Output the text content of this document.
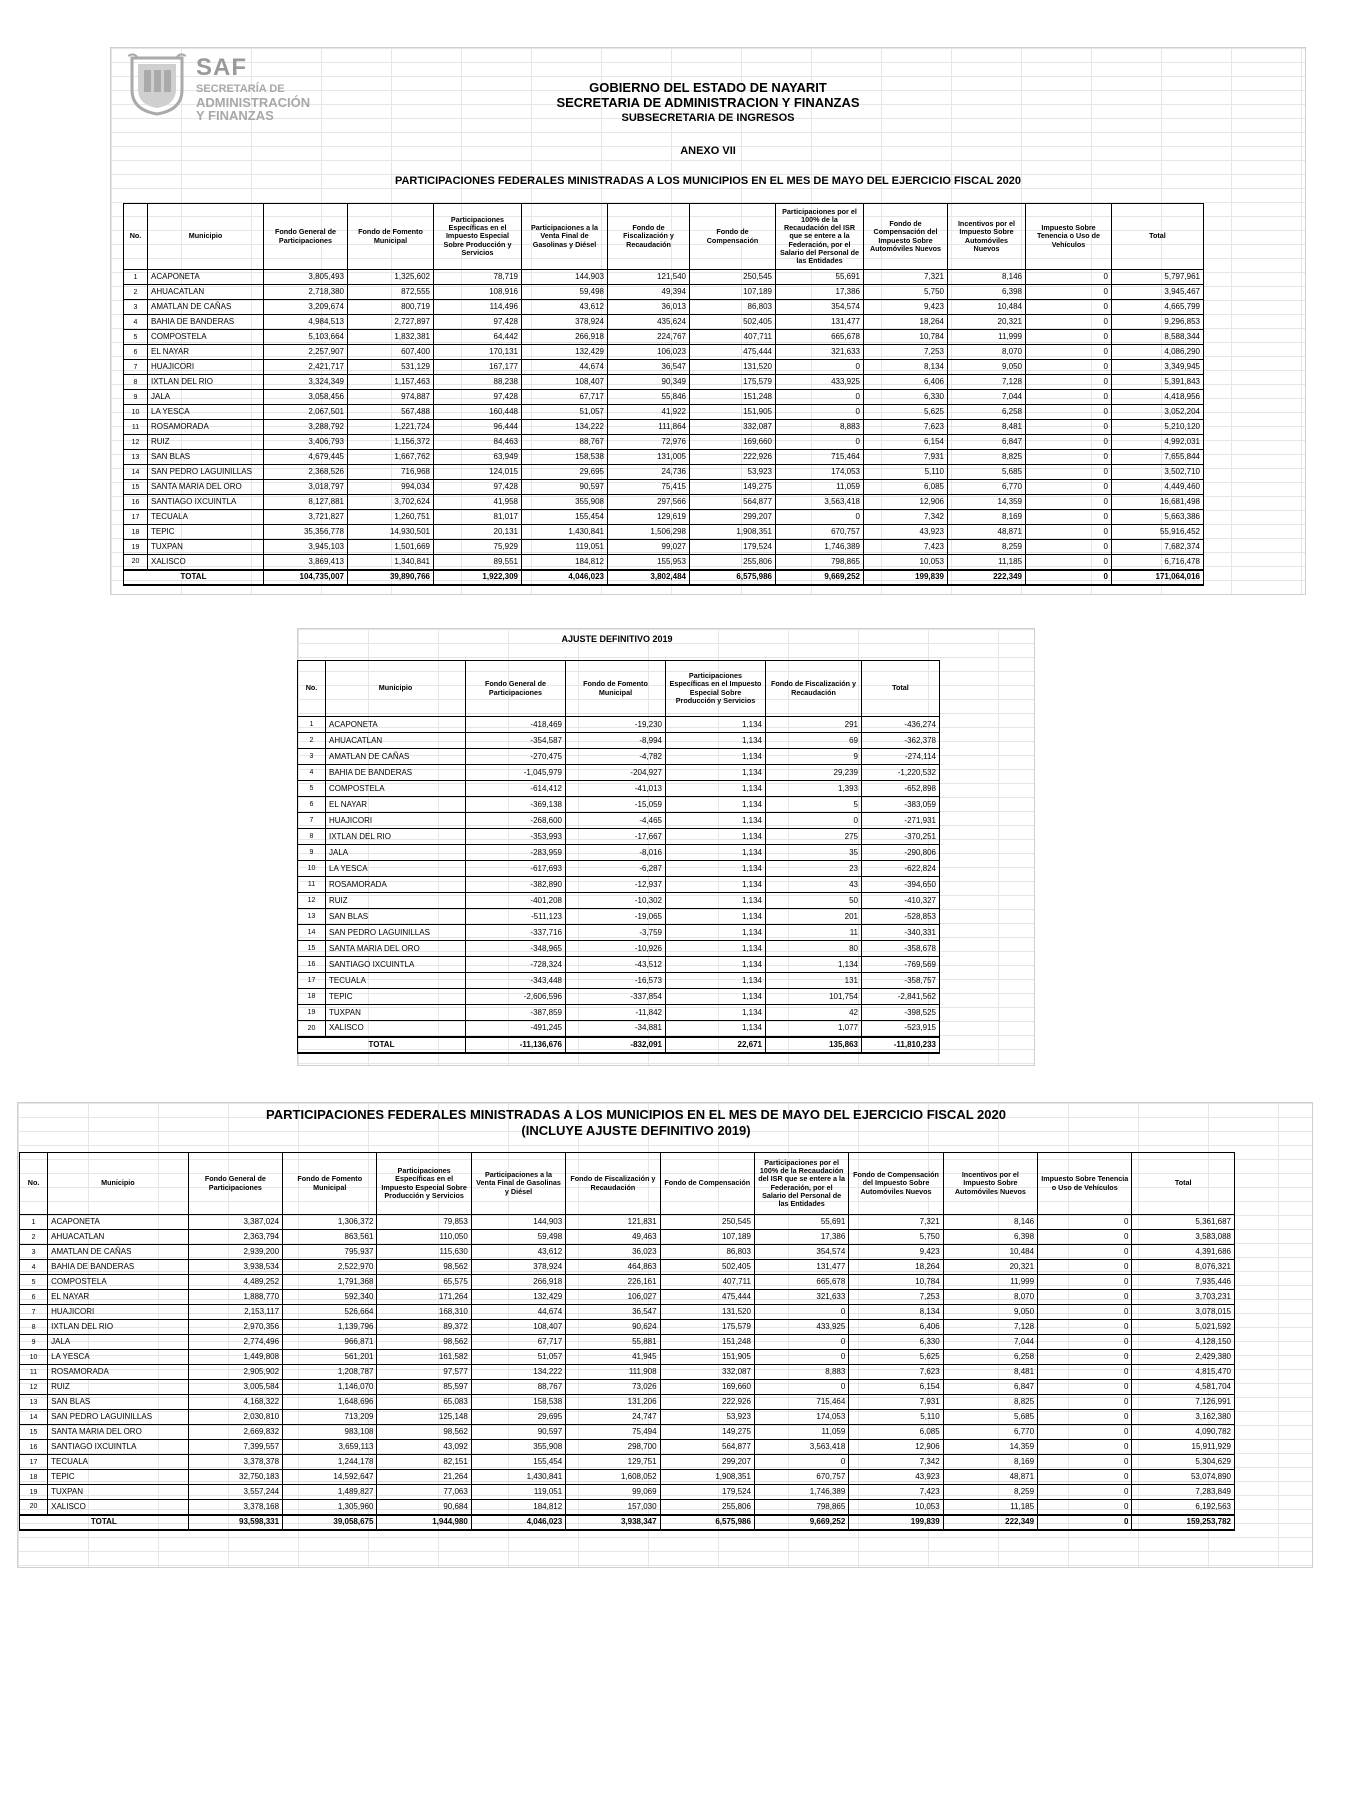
SAF
SECRETARÍA DE
ADMINISTRACIÓN
Y FINANZAS
GOBIERNO DEL ESTADO DE NAYARIT
SECRETARIA DE ADMINISTRACION Y FINANZAS
SUBSECRETARIA DE INGRESOS
ANEXO VII
PARTICIPACIONES FEDERALES MINISTRADAS A LOS MUNICIPIOS EN EL MES DE MAYO DEL EJERCICIO FISCAL 2020
No.	Municipio	Fondo General de Participaciones	Fondo de Fomento Municipal	Participaciones Específicas en el Impuesto Especial Sobre Producción y Servicios	Participaciones a la Venta Final de Gasolinas y Diésel	Fondo de Fiscalización y Recaudación	Fondo de Compensación	Participaciones por el 100% de la Recaudación del ISR que se entere a la Federación, por el Salario del Personal de las Entidades	Fondo de Compensación del Impuesto Sobre Automóviles Nuevos	Incentivos por el Impuesto Sobre Automóviles Nuevos	Impuesto Sobre Tenencia o Uso de Vehículos	Total
1	ACAPONETA	3,805,493	1,325,602	78,719	144,903	121,540	250,545	55,691	7,321	8,146	0	5,797,961
2	AHUACATLAN	2,718,380	872,555	108,916	59,498	49,394	107,189	17,386	5,750	6,398	0	3,945,467
3	AMATLAN DE CAÑAS	3,209,674	800,719	114,496	43,612	36,013	86,803	354,574	9,423	10,484	0	4,665,799
4	BAHIA DE BANDERAS	4,984,513	2,727,897	97,428	378,924	435,624	502,405	131,477	18,264	20,321	0	9,296,853
5	COMPOSTELA	5,103,664	1,832,381	64,442	266,918	224,767	407,711	665,678	10,784	11,999	0	8,588,344
6	EL NAYAR	2,257,907	607,400	170,131	132,429	106,023	475,444	321,633	7,253	8,070	0	4,086,290
7	HUAJICORI	2,421,717	531,129	167,177	44,674	36,547	131,520	0	8,134	9,050	0	3,349,945
8	IXTLAN DEL RIO	3,324,349	1,157,463	88,238	108,407	90,349	175,579	433,925	6,406	7,128	0	5,391,843
9	JALA	3,058,456	974,887	97,428	67,717	55,846	151,248	0	6,330	7,044	0	4,418,956
10	LA YESCA	2,067,501	567,488	160,448	51,057	41,922	151,905	0	5,625	6,258	0	3,052,204
11	ROSAMORADA	3,288,792	1,221,724	96,444	134,222	111,864	332,087	8,883	7,623	8,481	0	5,210,120
12	RUIZ	3,406,793	1,156,372	84,463	88,767	72,976	169,660	0	6,154	6,847	0	4,992,031
13	SAN BLAS	4,679,445	1,667,762	63,949	158,538	131,005	222,926	715,464	7,931	8,825	0	7,655,844
14	SAN PEDRO LAGUINILLAS	2,368,526	716,968	124,015	29,695	24,736	53,923	174,053	5,110	5,685	0	3,502,710
15	SANTA MARIA DEL ORO	3,018,797	994,034	97,428	90,597	75,415	149,275	11,059	6,085	6,770	0	4,449,460
16	SANTIAGO IXCUINTLA	8,127,881	3,702,624	41,958	355,908	297,566	564,877	3,563,418	12,906	14,359	0	16,681,498
17	TECUALA	3,721,827	1,260,751	81,017	155,454	129,619	299,207	0	7,342	8,169	0	5,663,386
18	TEPIC	35,356,778	14,930,501	20,131	1,430,841	1,506,298	1,908,351	670,757	43,923	48,871	0	55,916,452
19	TUXPAN	3,945,103	1,501,669	75,929	119,051	99,027	179,524	1,746,389	7,423	8,259	0	7,682,374
20	XALISCO	3,869,413	1,340,841	89,551	184,812	155,953	255,806	798,865	10,053	11,185	0	6,716,478
TOTAL		104,735,007	39,890,766	1,922,309	4,046,023	3,802,484	6,575,986	9,669,252	199,839	222,349	0	171,064,016
AJUSTE DEFINITIVO 2019
No.	Municipio	Fondo General de Participaciones	Fondo de Fomento Municipal	Participaciones Específicas en el Impuesto Especial Sobre Producción y Servicios	Fondo de Fiscalización y Recaudación	Total
1	ACAPONETA	-418,469	-19,230	1,134	291	-436,274
2	AHUACATLAN	-354,587	-8,994	1,134	69	-362,378
3	AMATLAN DE CAÑAS	-270,475	-4,782	1,134	9	-274,114
4	BAHIA DE BANDERAS	-1,045,979	-204,927	1,134	29,239	-1,220,532
5	COMPOSTELA	-614,412	-41,013	1,134	1,393	-652,898
6	EL NAYAR	-369,138	-15,059	1,134	5	-383,059
7	HUAJICORI	-268,600	-4,465	1,134	0	-271,931
8	IXTLAN DEL RIO	-353,993	-17,667	1,134	275	-370,251
9	JALA	-283,959	-8,016	1,134	35	-290,806
10	LA YESCA	-617,693	-6,287	1,134	23	-622,824
11	ROSAMORADA	-382,890	-12,937	1,134	43	-394,650
12	RUIZ	-401,208	-10,302	1,134	50	-410,327
13	SAN BLAS	-511,123	-19,065	1,134	201	-528,853
14	SAN PEDRO LAGUINILLAS	-337,716	-3,759	1,134	11	-340,331
15	SANTA MARIA DEL ORO	-348,965	-10,926	1,134	80	-358,678
16	SANTIAGO IXCUINTLA	-728,324	-43,512	1,134	1,134	-769,569
17	TECUALA	-343,448	-16,573	1,134	131	-358,757
18	TEPIC	-2,606,596	-337,854	1,134	101,754	-2,841,562
19	TUXPAN	-387,859	-11,842	1,134	42	-398,525
20	XALISCO	-491,245	-34,881	1,134	1,077	-523,915
TOTAL		-11,136,676	-832,091	22,671	135,863	-11,810,233
PARTICIPACIONES FEDERALES MINISTRADAS A LOS MUNICIPIOS EN EL MES DE MAYO DEL EJERCICIO FISCAL 2020
(INCLUYE AJUSTE DEFINITIVO 2019)
No.	Municipio	Fondo General de Participaciones	Fondo de Fomento Municipal	Participaciones Específicas en el Impuesto Especial Sobre Producción y Servicios	Participaciones a la Venta Final de Gasolinas y Diésel	Fondo de Fiscalización y Recaudación	Fondo de Compensación	Participaciones por el 100% de la Recaudación del ISR que se entere a la Federación, por el Salario del Personal de las Entidades	Fondo de Compensación del Impuesto Sobre Automóviles Nuevos	Incentivos por el Impuesto Sobre Automóviles Nuevos	Impuesto Sobre Tenencia o Uso de Vehículos	Total
1	ACAPONETA	3,387,024	1,306,372	79,853	144,903	121,831	250,545	55,691	7,321	8,146	0	5,361,687
2	AHUACATLAN	2,363,794	863,561	110,050	59,498	49,463	107,189	17,386	5,750	6,398	0	3,583,088
3	AMATLAN DE CAÑAS	2,939,200	795,937	115,630	43,612	36,023	86,803	354,574	9,423	10,484	0	4,391,686
4	BAHIA DE BANDERAS	3,938,534	2,522,970	98,562	378,924	464,863	502,405	131,477	18,264	20,321	0	8,076,321
5	COMPOSTELA	4,489,252	1,791,368	65,575	266,918	226,161	407,711	665,678	10,784	11,999	0	7,935,446
6	EL NAYAR	1,888,770	592,340	171,264	132,429	106,027	475,444	321,633	7,253	8,070	0	3,703,231
7	HUAJICORI	2,153,117	526,664	168,310	44,674	36,547	131,520	0	8,134	9,050	0	3,078,015
8	IXTLAN DEL RIO	2,970,356	1,139,796	89,372	108,407	90,624	175,579	433,925	6,406	7,128	0	5,021,592
9	JALA	2,774,496	966,871	98,562	67,717	55,881	151,248	0	6,330	7,044	0	4,128,150
10	LA YESCA	1,449,808	561,201	161,582	51,057	41,945	151,905	0	5,625	6,258	0	2,429,380
11	ROSAMORADA	2,905,902	1,208,787	97,577	134,222	111,908	332,087	8,883	7,623	8,481	0	4,815,470
12	RUIZ	3,005,584	1,146,070	85,597	88,767	73,026	169,660	0	6,154	6,847	0	4,581,704
13	SAN BLAS	4,168,322	1,648,696	65,083	158,538	131,206	222,926	715,464	7,931	8,825	0	7,126,991
14	SAN PEDRO LAGUINILLAS	2,030,810	713,209	125,148	29,695	24,747	53,923	174,053	5,110	5,685	0	3,162,380
15	SANTA MARIA DEL ORO	2,669,832	983,108	98,562	90,597	75,494	149,275	11,059	6,085	6,770	0	4,090,782
16	SANTIAGO IXCUINTLA	7,399,557	3,659,113	43,092	355,908	298,700	564,877	3,563,418	12,906	14,359	0	15,911,929
17	TECUALA	3,378,378	1,244,178	82,151	155,454	129,751	299,207	0	7,342	8,169	0	5,304,629
18	TEPIC	32,750,183	14,592,647	21,264	1,430,841	1,608,052	1,908,351	670,757	43,923	48,871	0	53,074,890
19	TUXPAN	3,557,244	1,489,827	77,063	119,051	99,069	179,524	1,746,389	7,423	8,259	0	7,283,849
20	XALISCO	3,378,168	1,305,960	90,684	184,812	157,030	255,806	798,865	10,053	11,185	0	6,192,563
TOTAL		93,598,331	39,058,675	1,944,980	4,046,023	3,938,347	6,575,986	9,669,252	199,839	222,349	0	159,253,782
